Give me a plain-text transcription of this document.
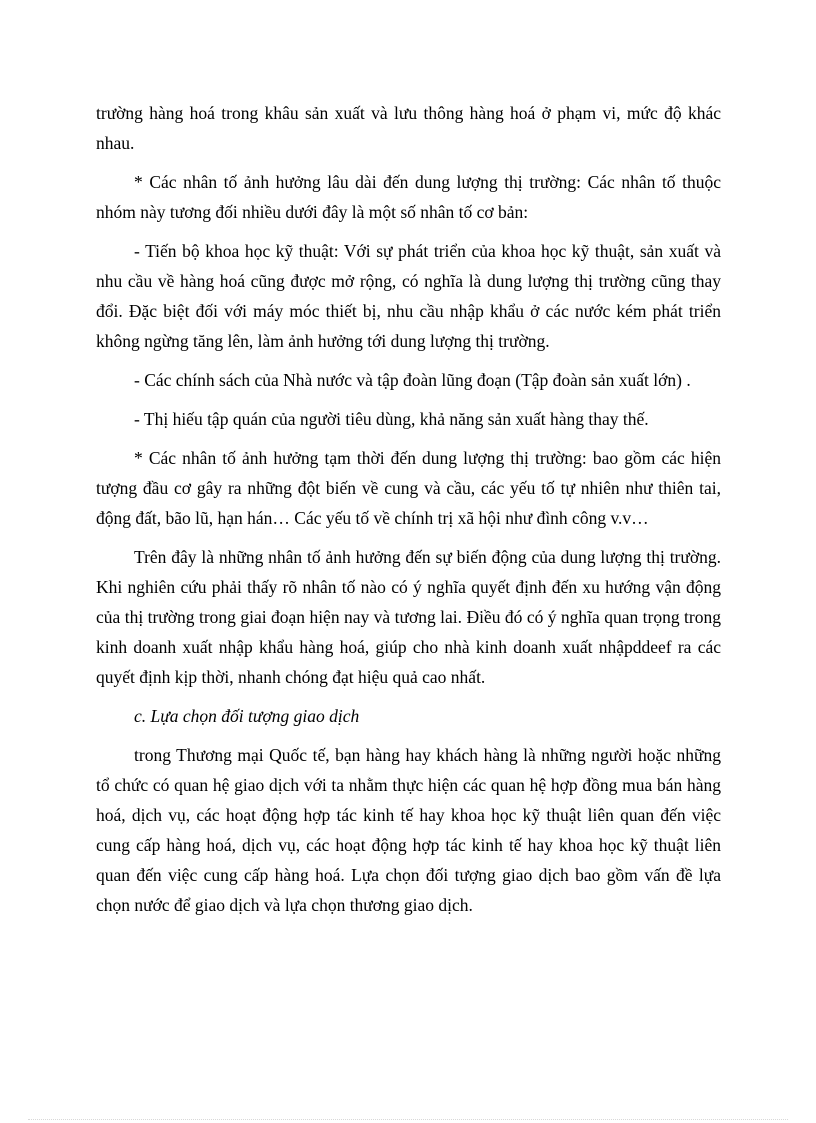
trường hàng hoá trong khâu sản xuất và lưu thông hàng hoá ở phạm vi, mức độ khác nhau.

* Các nhân tố ảnh hưởng lâu dài đến dung lượng thị trường: Các nhân tố thuộc nhóm này tương đối nhiều dưới đây là một số nhân tố cơ bản:

- Tiến bộ khoa học kỹ thuật: Với sự phát triển của khoa học kỹ thuật, sản xuất và nhu cầu về hàng hoá cũng được mở rộng, có nghĩa là dung lượng thị trường cũng thay đổi. Đặc biệt đối với máy móc thiết bị, nhu cầu nhập khẩu ở các nước kém phát triển không ngừng tăng lên, làm ảnh hưởng tới dung lượng thị trường.

- Các chính sách của Nhà nước và tập đoàn lũng đoạn (Tập đoàn sản xuất lớn) .

- Thị hiếu tập quán của người tiêu dùng, khả năng sản xuất hàng thay thế.

* Các nhân tố ảnh hưởng tạm thời đến dung lượng thị trường: bao gồm các hiện tượng đầu cơ gây ra những đột biến về cung và cầu, các yếu tố tự nhiên như thiên tai, động đất, bão lũ, hạn hán… Các yếu tố về chính trị xã hội như đình công v.v…

Trên đây là những nhân tố ảnh hưởng đến sự biến động của dung lượng thị trường. Khi nghiên cứu phải thấy rõ nhân tố nào có ý nghĩa quyết định đến xu hướng vận động của thị trường trong giai đoạn hiện nay và tương lai. Điều đó có ý nghĩa quan trọng trong kinh doanh xuất nhập khẩu hàng hoá, giúp cho nhà kinh doanh xuất nhậpddeef ra các quyết định kịp thời, nhanh chóng đạt hiệu quả cao nhất.

c. Lựa chọn đối tượng giao dịch

trong Thương mại Quốc tế, bạn hàng hay khách hàng là những người hoặc những tổ chức có quan hệ giao dịch với ta nhằm thực hiện các quan hệ hợp đồng mua bán hàng hoá, dịch vụ, các hoạt động hợp tác kinh tế hay khoa học kỹ thuật liên quan đến việc cung cấp hàng hoá, dịch vụ, các hoạt động hợp tác kinh tế hay khoa học kỹ thuật liên quan đến việc cung cấp hàng hoá. Lựa chọn đối tượng giao dịch bao gồm vấn đề lựa chọn nước để giao dịch và lựa chọn thương giao dịch.
